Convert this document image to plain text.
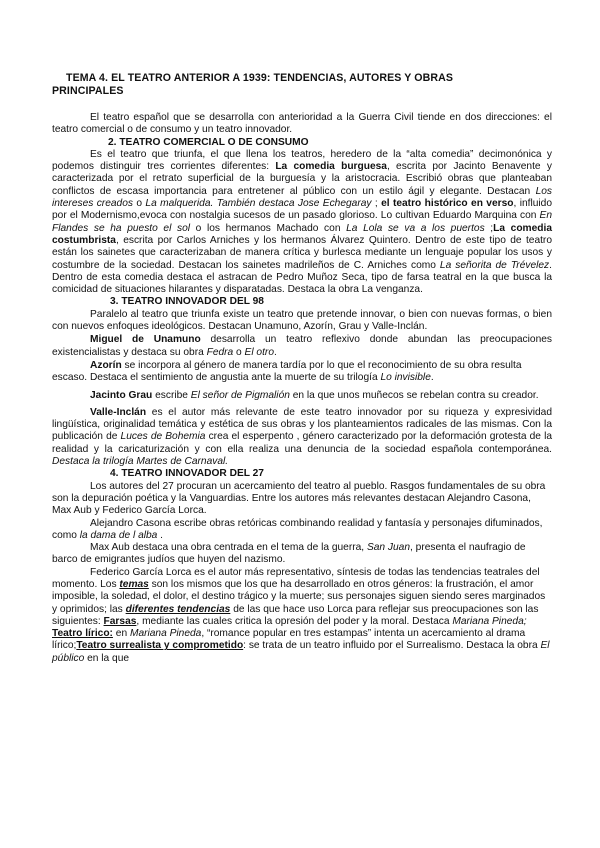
TEMA 4. EL TEATRO ANTERIOR A 1939: TENDENCIAS, AUTORES Y OBRAS
PRINCIPALES

El teatro español que se desarrolla con anterioridad a la Guerra Civil tiende en dos direcciones: el teatro comercial o de consumo y un teatro innovador.

2. TEATRO COMERCIAL O DE CONSUMO

Es el teatro que triunfa, el que llena los teatros, heredero de la “alta comedia” decimonónica y podemos distinguir tres corrientes diferentes: La comedia burguesa, escrita por Jacinto Benavente y caracterizada por el retrato superficial de la burguesía y la aristocracia. Escribió obras que planteaban conflictos de escasa importancia para entretener al público con un estilo ágil y elegante. Destacan Los intereses creados o La malquerida. También destaca Jose Echegaray ; el teatro histórico en verso, influido por el Modernismo,evoca con nostalgia sucesos de un pasado glorioso. Lo cultivan Eduardo Marquina con En Flandes se ha puesto el sol o los hermanos Machado con La Lola se va a los puertos ;La comedia costumbrista, escrita por Carlos Arniches y los hermanos Álvarez Quintero. Dentro de este tipo de teatro están los sainetes que caracterizaban de manera crítica y burlesca mediante un lenguaje popular los usos y costumbre de la sociedad. Destacan los sainetes madrileños de C. Arniches como La señorita de Trévelez. Dentro de esta comedia destaca el astracan de Pedro Muñoz Seca, tipo de farsa teatral en la que busca la comicidad de situaciones hilarantes y disparatadas. Destaca la obra La venganza.

3. TEATRO INNOVADOR DEL 98

Paralelo al teatro que triunfa existe un teatro que pretende innovar, o bien con nuevas formas, o bien con nuevos enfoques ideológicos. Destacan Unamuno, Azorín, Grau y Valle-Inclán.

Miguel de Unamuno desarrolla un teatro reflexivo donde abundan las preocupaciones existencialistas y destaca su obra Fedra o El otro.

Azorín se incorpora al género de manera tardía por lo que el reconocimiento de su obra resulta escaso. Destaca el sentimiento de angustia ante la muerte de su trilogía Lo invisible.

Jacinto Grau escribe El señor de Pigmalión en la que unos muñecos se rebelan contra su creador.

Valle-Inclán es el autor más relevante de este teatro innovador por su riqueza y expresividad lingüística, originalidad temática y estética de sus obras y los planteamientos radicales de las mismas. Con la publicación de Luces de Bohemia crea el esperpento , género caracterizado por la deformación grotesta de la realidad y la caricaturización y con ella realiza una denuncia de la sociedad española contemporánea. Destaca la trilogía Martes de Carnaval.

4. TEATRO INNOVADOR DEL 27

Los autores del 27 procuran un acercamiento del teatro al pueblo. Rasgos fundamentales de su obra son la depuración poética y la Vanguardias. Entre los autores más relevantes destacan Alejandro Casona, Max Aub y Federico García Lorca.

Alejandro Casona escribe obras retóricas combinando realidad y fantasía y personajes difuminados, como la dama de l alba .

Max Aub destaca una obra centrada en el tema de la guerra, San Juan, presenta el naufragio de barco de emigrantes judíos que huyen del nazismo.

Federico García Lorca es el autor más representativo, síntesis de todas las tendencias teatrales del momento. Los temas son los mismos que los que ha desarrollado en otros géneros: la frustración, el amor imposible, la soledad, el dolor, el destino trágico y la muerte; sus personajes siguen siendo seres marginados y oprimidos; las diferentes tendencias de las que hace uso Lorca para reflejar sus preocupaciones son las siguientes: Farsas, mediante las cuales critica la opresión del poder y la moral. Destaca Mariana Pineda; Teatro lírico: en Mariana Pineda, “romance popular en tres estampas” intenta un acercamiento al drama lírico;Teatro surrealista y comprometido: se trata de un teatro influido por el Surrealismo. Destaca la obra El público en la que
